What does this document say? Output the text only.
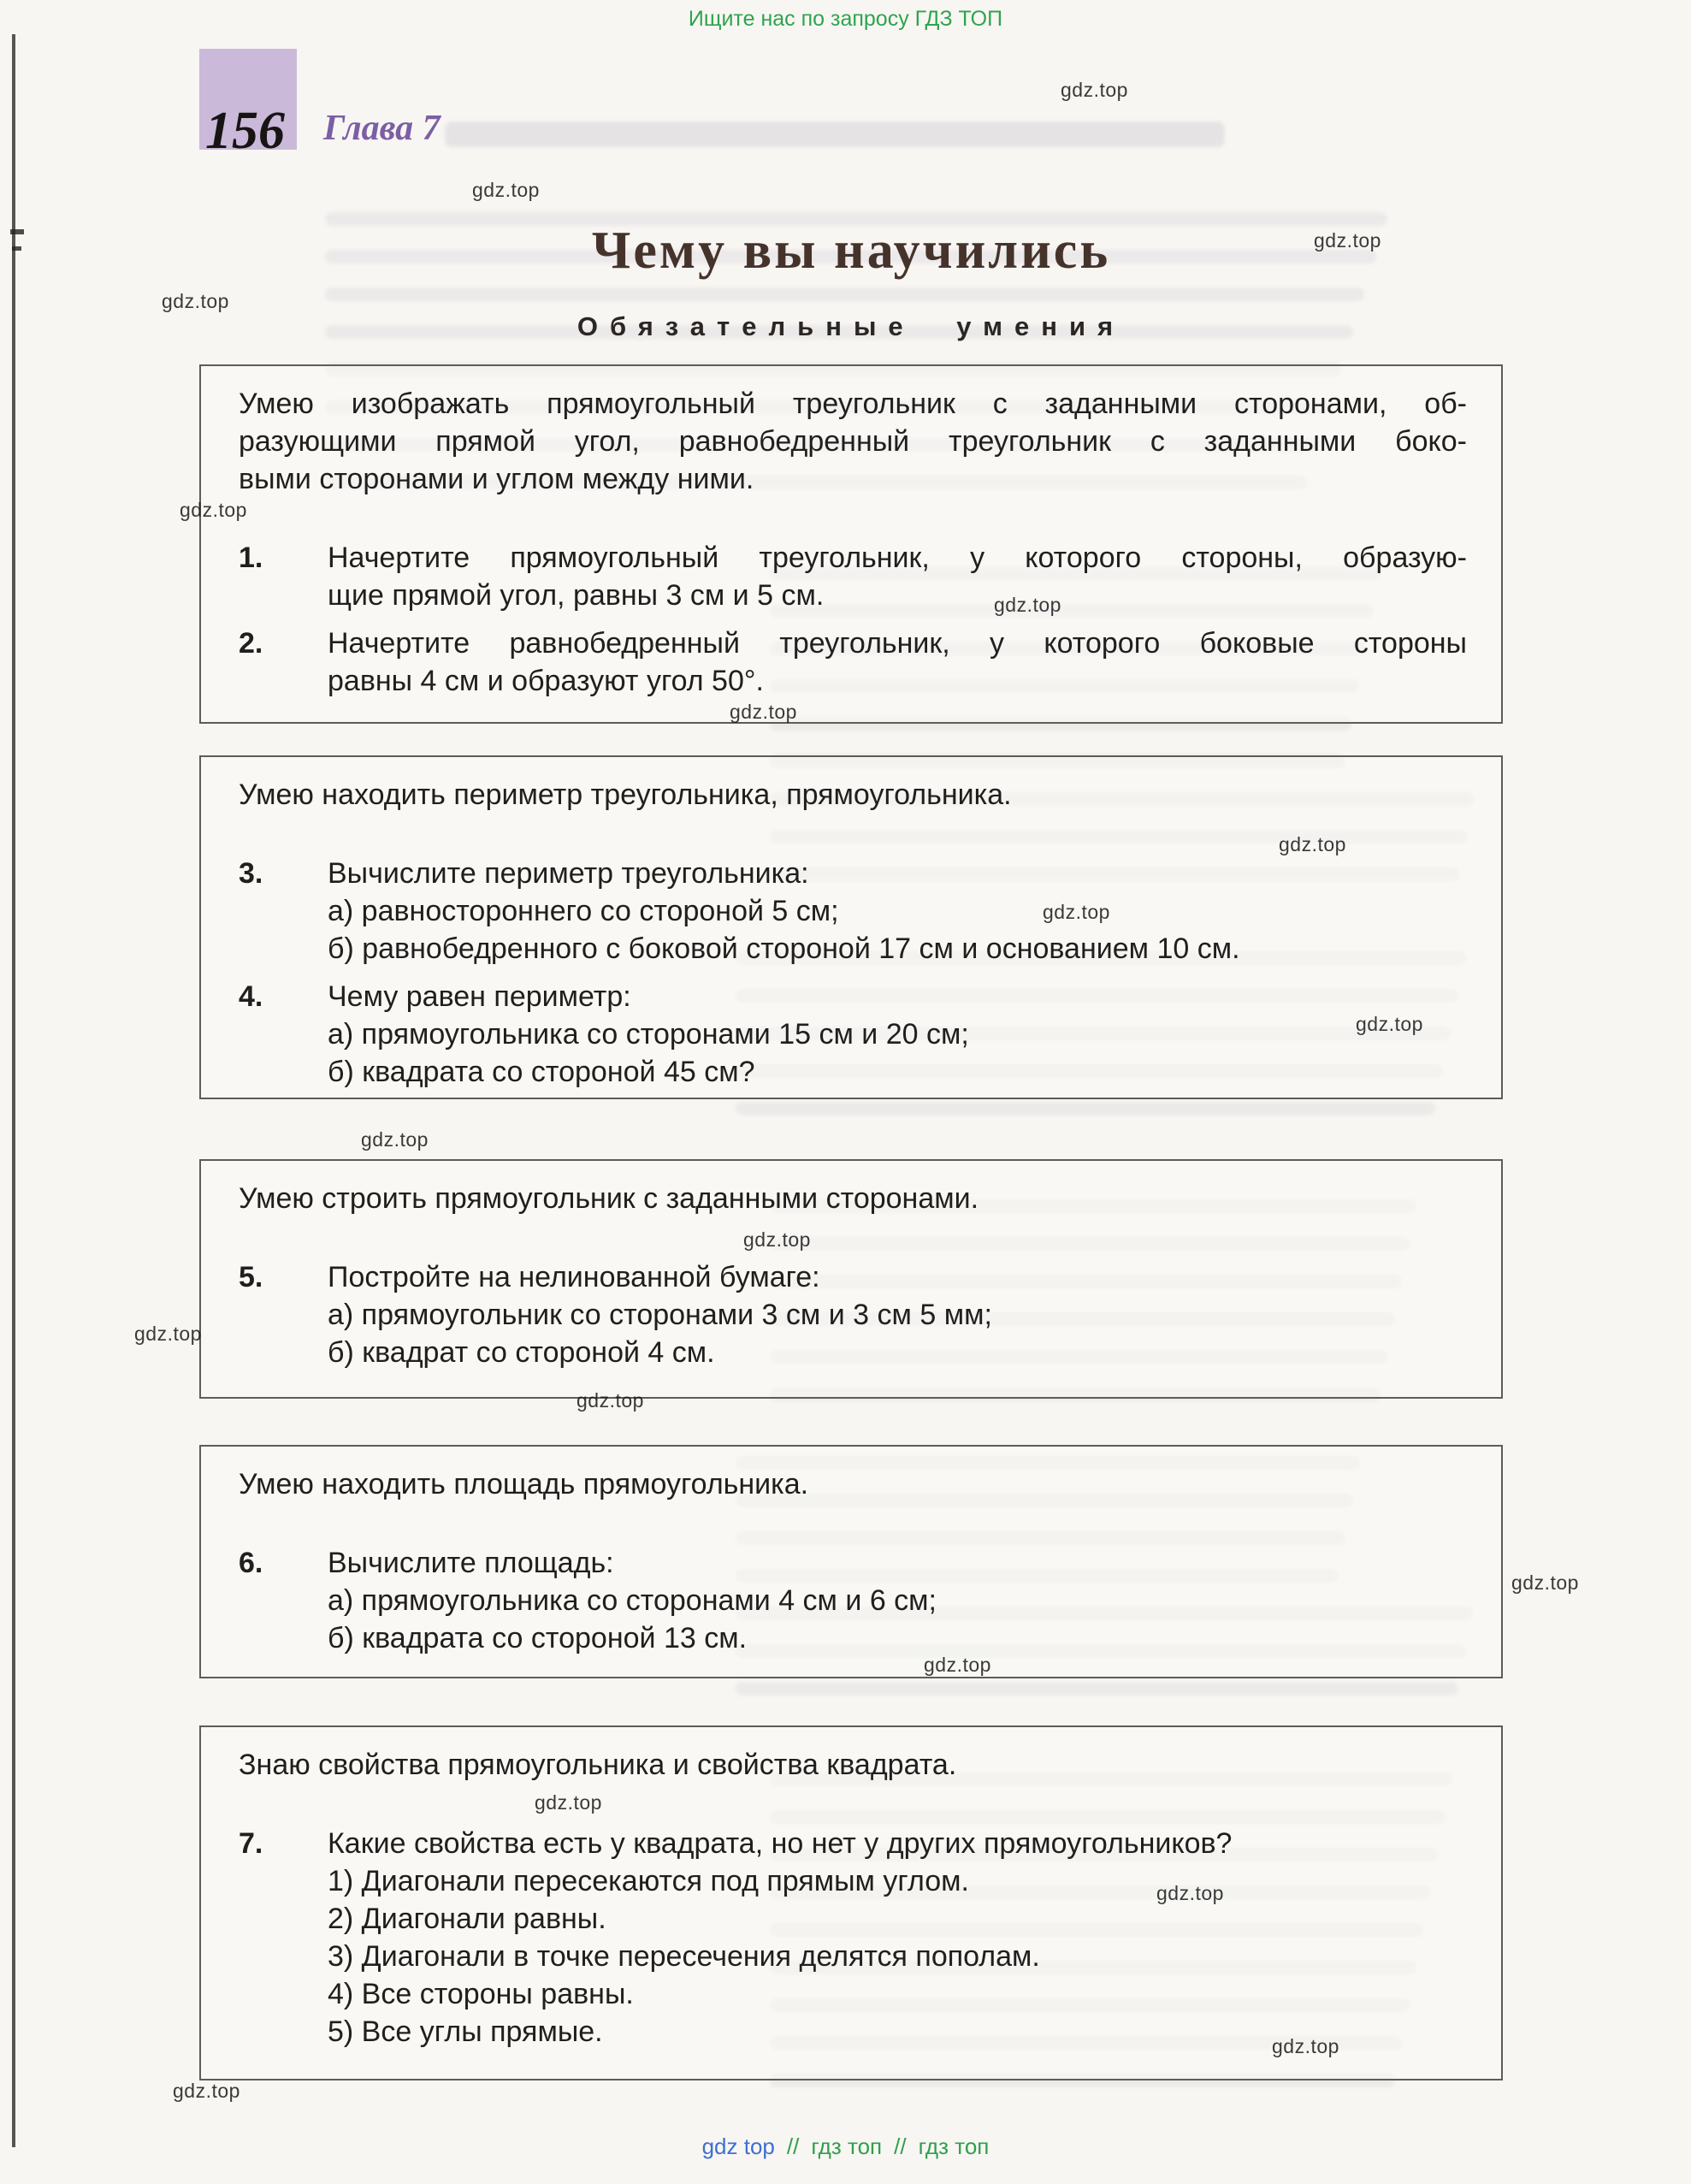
Ищите нас по запросу ГДЗ ТОП
156 Глава 7
Чему вы научились
Обязательные умения
Умею изображать прямоугольный треугольник с заданными сторонами, об-
разующими прямой угол, равнобедренный треугольник с заданными боко-
выми сторонами и углом между ними.
1.	Начертите прямоугольный треугольник, у которого стороны, образую-
щие прямой угол, равны 3 см и 5 см.
2.	Начертите равнобедренный треугольник, у которого боковые стороны
равны 4 см и образуют угол 50°.
Умею находить периметр треугольника, прямоугольника.
3.	Вычислите периметр треугольника:
а) равностороннего со стороной 5 см;
б) равнобедренного с боковой стороной 17 см и основанием 10 см.
4.	Чему равен периметр:
а) прямоугольника со сторонами 15 см и 20 см;
б) квадрата со стороной 45 см?
Умею строить прямоугольник с заданными сторонами.
5.	Постройте на нелинованной бумаге:
а) прямоугольник со сторонами 3 см и 3 см 5 мм;
б) квадрат со стороной 4 см.
Умею находить площадь прямоугольника.
6.	Вычислите площадь:
а) прямоугольника со сторонами 4 см и 6 см;
б) квадрата со стороной 13 см.
Знаю свойства прямоугольника и свойства квадрата.
7.	Какие свойства есть у квадрата, но нет у других прямоугольников?
1) Диагонали пересекаются под прямым углом.
2) Диагонали равны.
3) Диагонали в точке пересечения делятся пополам.
4) Все стороны равны.
5) Все углы прямые.
gdz.top
gdz.top
gdz.top
gdz.top
gdz.top
gdz.top
gdz.top
gdz.top
gdz.top
gdz.top
gdz.top
gdz.top
gdz.top
gdz.top
gdz.top
gdz.top
gdz.top
gdz.top
gdz.top
gdz.top
gdz top // гдз топ // гдз топ
